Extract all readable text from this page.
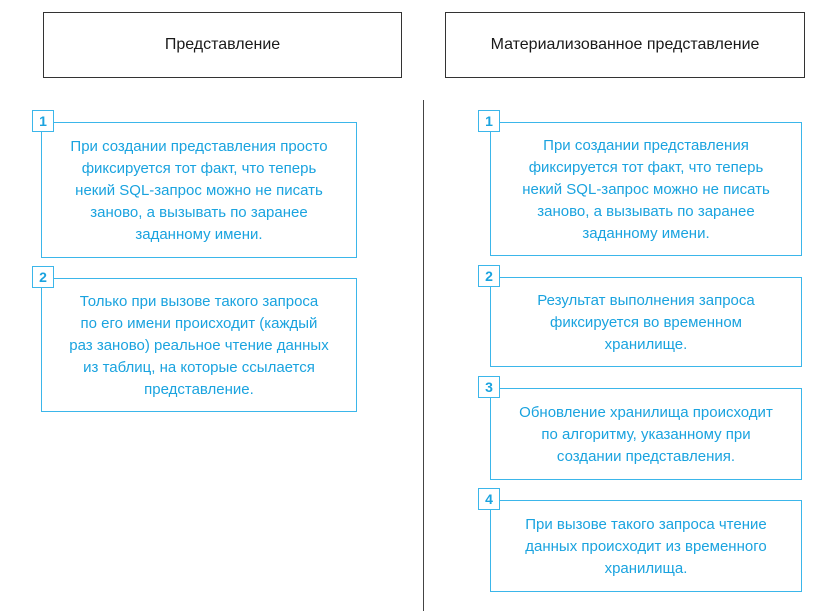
Представление	Материализованное представление
При создании представления просто
фиксируется тот факт, что теперь
некий SQL-запрос можно не писать
заново, а вызывать по заранее
заданному имени.
1
Только при вызове такого запроса
по его имени происходит (каждый
раз заново) реальное чтение данных
из таблиц, на которые ссылается
представление.
2
При создании представления
фиксируется тот факт, что теперь
некий SQL-запрос можно не писать
заново, а вызывать по заранее
заданному имени.
1
Результат выполнения запроса
фиксируется во временном
хранилище.
2
Обновление хранилища происходит
по алгоритму, указанному при
создании представления.
3
При вызове такого запроса чтение
данных происходит из временного
хранилища.
4
